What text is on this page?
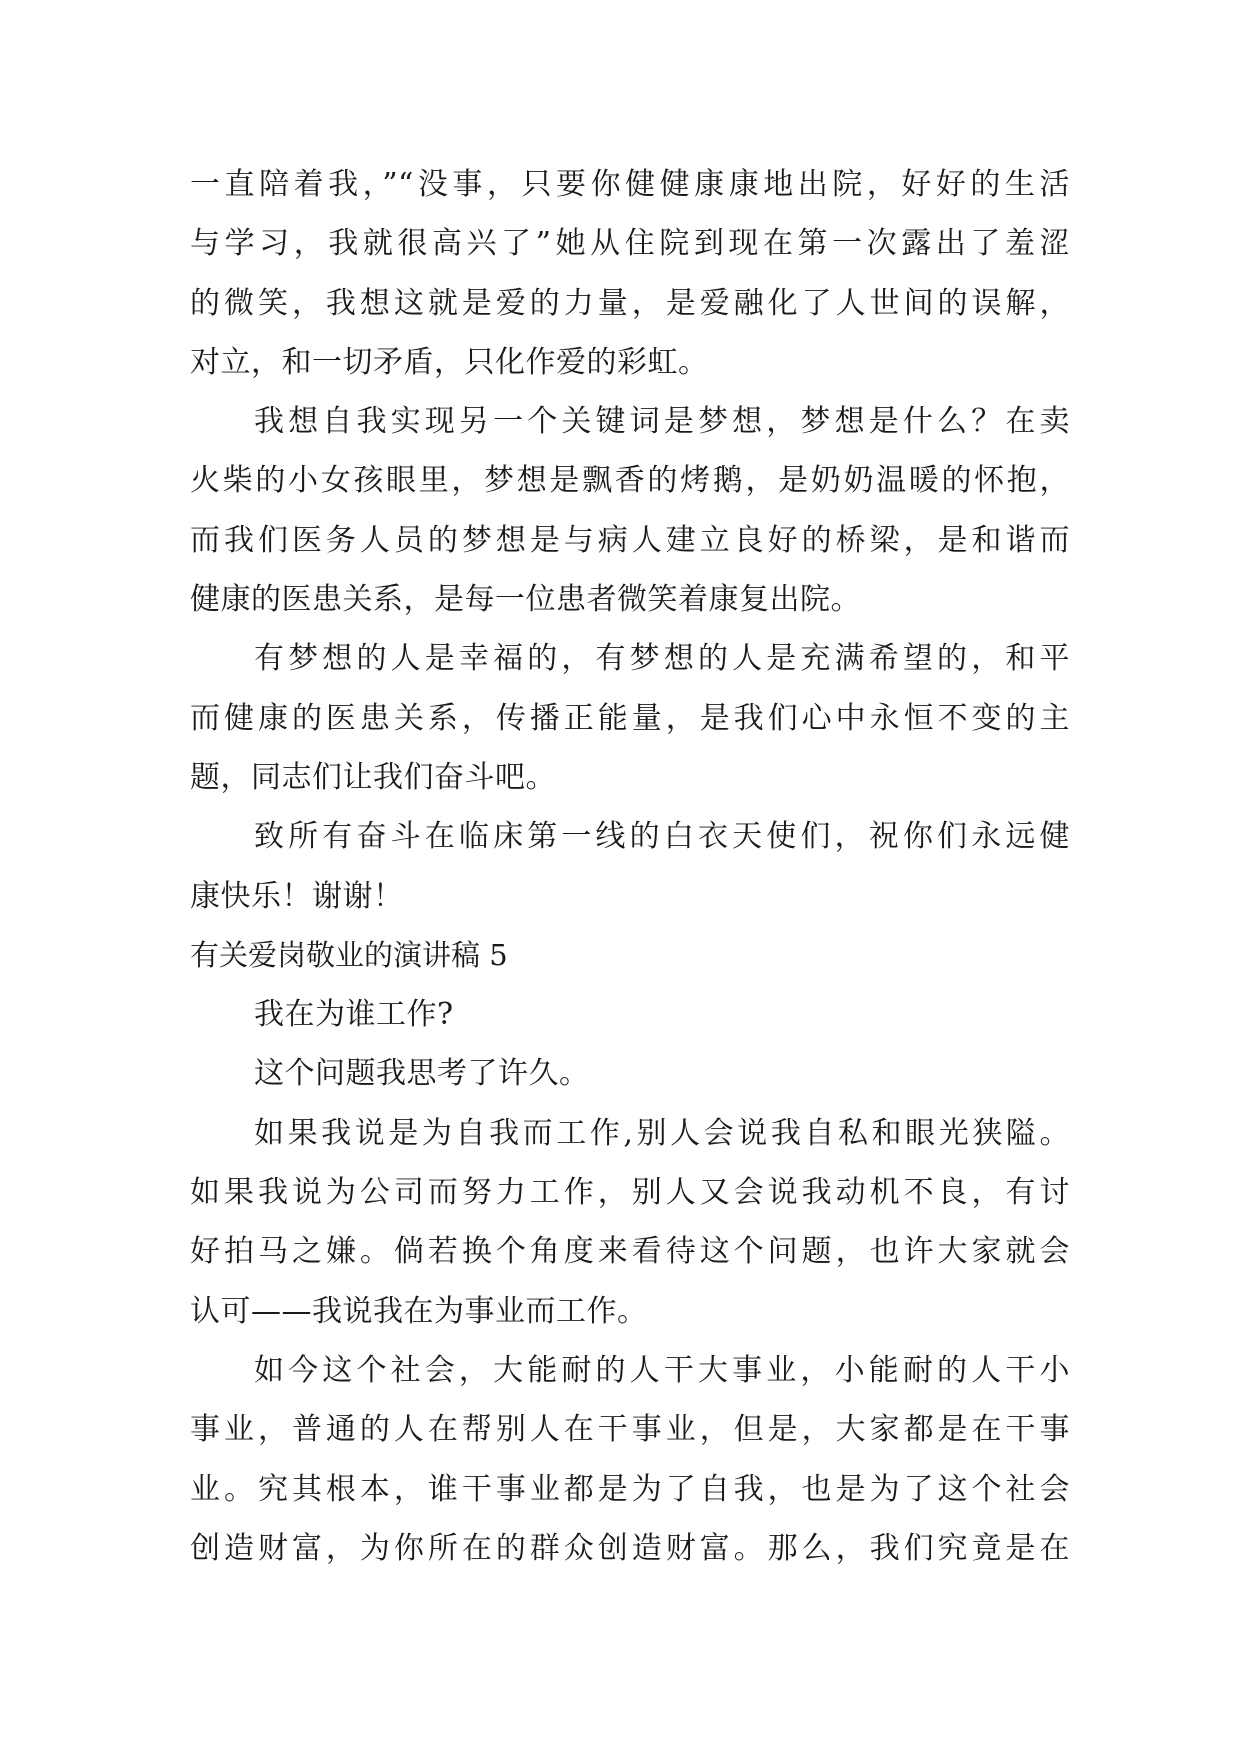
一直陪着我，”“没事，只要你健健康康地出院，好好的生活
与学习，我就很高兴了”她从住院到现在第一次露出了羞涩
的微笑，我想这就是爱的力量，是爱融化了人世间的误解，
对立，和一切矛盾，只化作爱的彩虹。
我想自我实现另一个关键词是梦想，梦想是什么？在卖
火柴的小女孩眼里，梦想是飘香的烤鹅，是奶奶温暖的怀抱，
而我们医务人员的梦想是与病人建立良好的桥梁，是和谐而
健康的医患关系，是每一位患者微笑着康复出院。
有梦想的人是幸福的，有梦想的人是充满希望的，和平
而健康的医患关系，传播正能量，是我们心中永恒不变的主
题，同志们让我们奋斗吧。
致所有奋斗在临床第一线的白衣天使们，祝你们永远健
康快乐！谢谢！
有关爱岗敬业的演讲稿 5
我在为谁工作?
这个问题我思考了许久。
如果我说是为自我而工作,别人会说我自私和眼光狭隘。
如果我说为公司而努力工作，别人又会说我动机不良，有讨
好拍马之嫌。倘若换个角度来看待这个问题，也许大家就会
认可——我说我在为事业而工作。
如今这个社会，大能耐的人干大事业，小能耐的人干小
事业，普通的人在帮别人在干事业，但是，大家都是在干事
业。究其根本，谁干事业都是为了自我，也是为了这个社会
创造财富，为你所在的群众创造财富。那么，我们究竟是在
